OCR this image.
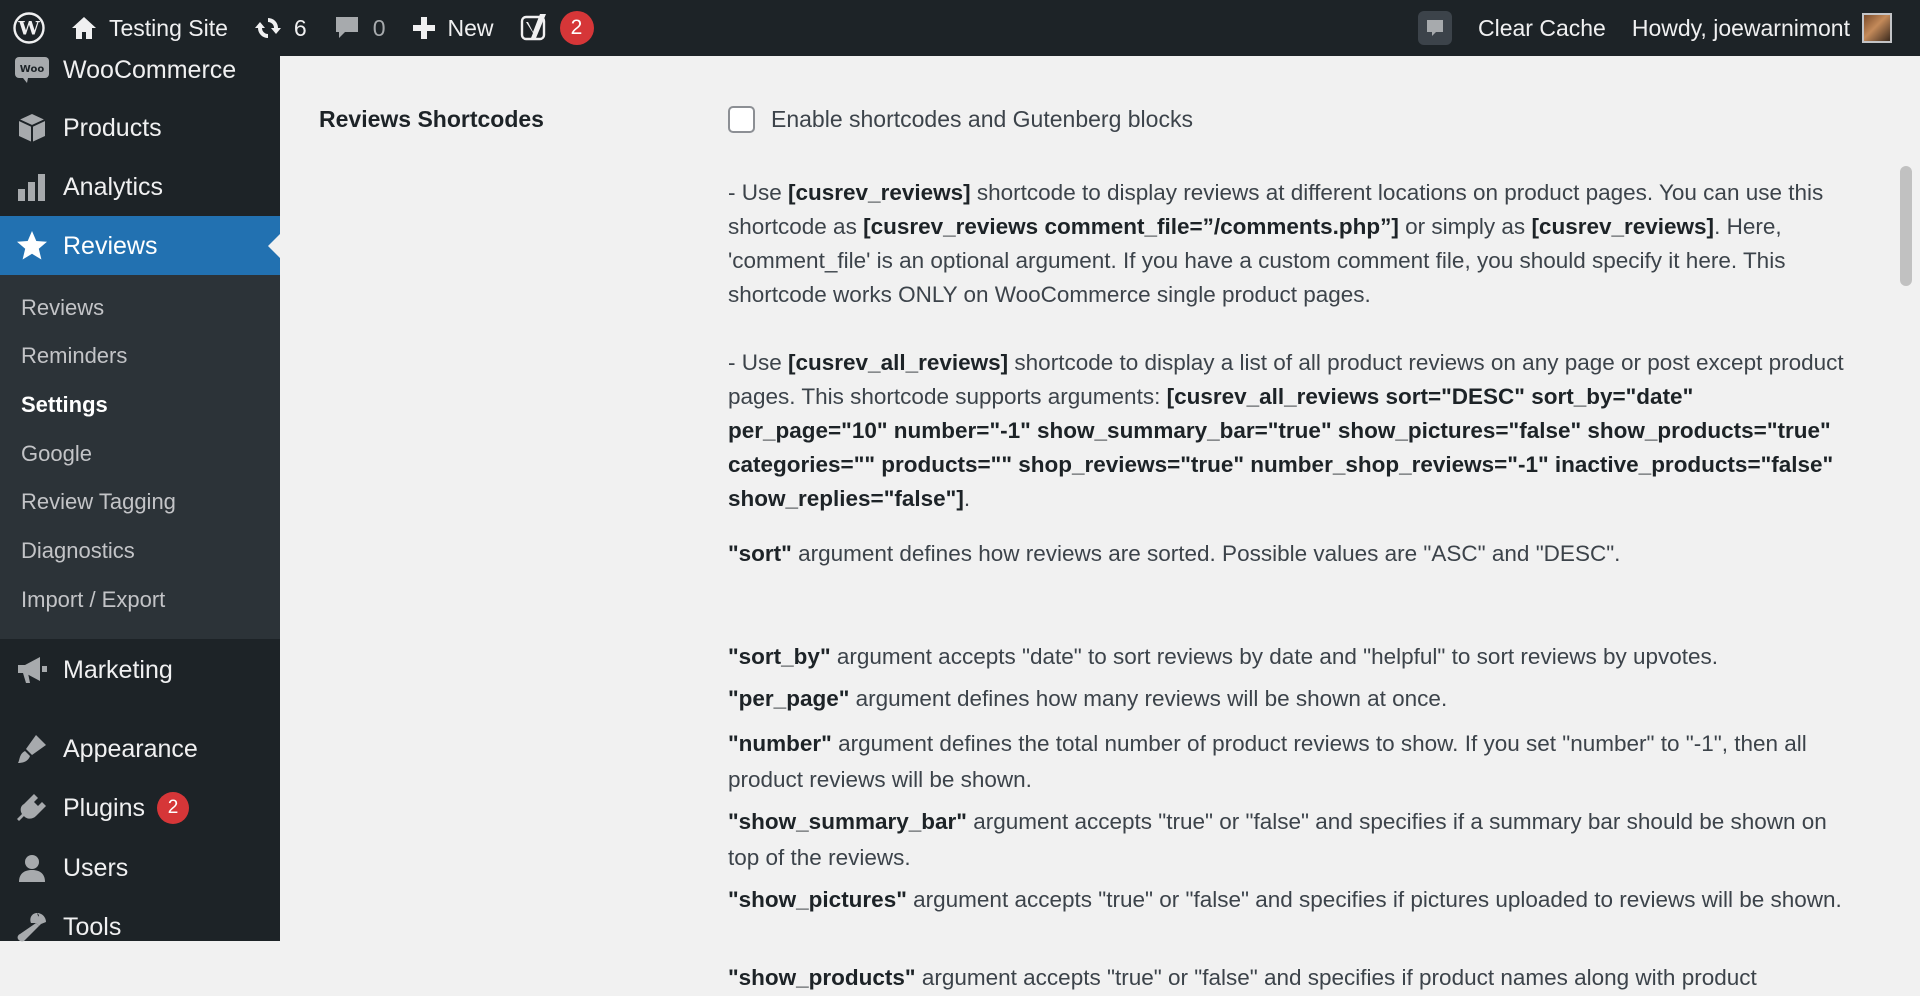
W	Testing Site	6	0	New	2	Clear Cache Howdy, joewarnimont
Woo WooCommerce
Products
Analytics
Reviews
Reviews
Reminders
Settings
Google
Review Tagging
Diagnostics
Import / Export
Marketing
Appearance
Plugins	2
Users
Tools
Reviews Shortcodes	Enable shortcodes and Gutenberg blocks
- Use [cusrev_reviews] shortcode to display reviews at different locations on product pages. You can use this shortcode as [cusrev_reviews comment_file=”/comments.php”] or simply as [cusrev_reviews]. Here, 'comment_file' is an optional argument. If you have a custom comment file, you should specify it here. This shortcode works ONLY on WooCommerce single product pages.
- Use [cusrev_all_reviews] shortcode to display a list of all product reviews on any page or post except product pages. This shortcode supports arguments: [cusrev_all_reviews sort="DESC" sort_by="date" per_page="10" number="-1" show_summary_bar="true" show_pictures="false" show_products="true" categories="" products="" shop_reviews="true" number_shop_reviews="-1" inactive_products="false" show_replies="false"].
"sort" argument defines how reviews are sorted. Possible values are "ASC" and "DESC".
"sort_by" argument accepts "date" to sort reviews by date and "helpful" to sort reviews by upvotes.
"per_page" argument defines how many reviews will be shown at once.
"number" argument defines the total number of product reviews to show. If you set "number" to "-1", then all product reviews will be shown.
"show_summary_bar" argument accepts "true" or "false" and specifies if a summary bar should be shown on top of the reviews.
"show_pictures" argument accepts "true" or "false" and specifies if pictures uploaded to reviews will be shown.
"show_products" argument accepts "true" or "false" and specifies if product names along with product
